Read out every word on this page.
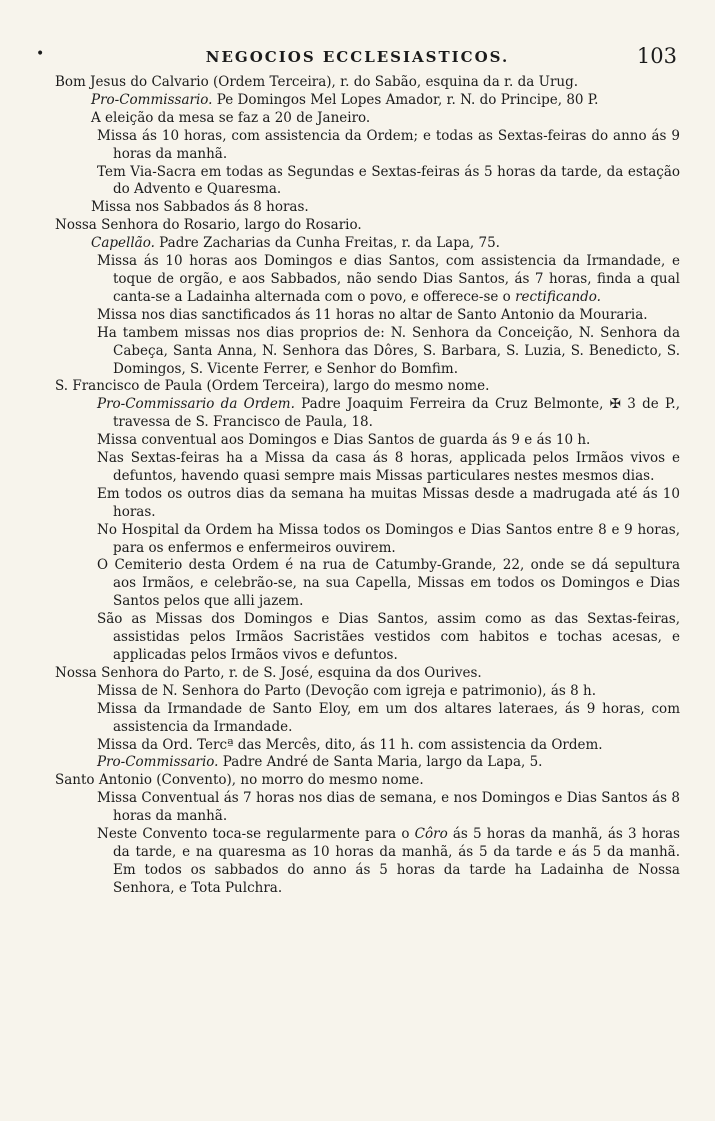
•	NEGOCIOS ECCLESIASTICOS.	103
Bom Jesus do Calvario (Ordem Terceira), r. do Sabão, esquina da r. da Urug.
Pro-Commissario. Pe Domingos Mel Lopes Amador, r. N. do Principe, 80 P.
A eleição da mesa se faz a 20 de Janeiro.
Missa ás 10 horas, com assistencia da Ordem; e todas as Sextas-feiras do anno ás 9 horas da manhã.
Tem Via-Sacra em todas as Segundas e Sextas-feiras ás 5 horas da tarde, da estação do Advento e Quaresma.
Missa nos Sabbados ás 8 horas.
Nossa Senhora do Rosario, largo do Rosario.
Capellão. Padre Zacharias da Cunha Freitas, r. da Lapa, 75.
Missa ás 10 horas aos Domingos e dias Santos, com assistencia da Irmandade, e toque de orgão, e aos Sabbados, não sendo Dias Santos, ás 7 horas, finda a qual canta-se a Ladainha alternada com o povo, e offerece-se o rectificando.
Missa nos dias sanctificados ás 11 horas no altar de Santo Antonio da Mouraria.
Ha tambem missas nos dias proprios de: N. Senhora da Conceição, N. Senhora da Cabeça, Santa Anna, N. Senhora das Dôres, S. Barbara, S. Luzia, S. Benedicto, S. Domingos, S. Vicente Ferrer, e Senhor do Bomfim.
S. Francisco de Paula (Ordem Terceira), largo do mesmo nome.
Pro-Commissario da Ordem. Padre Joaquim Ferreira da Cruz Belmonte, ✠ 3 de P., travessa de S. Francisco de Paula, 18.
Missa conventual aos Domingos e Dias Santos de guarda ás 9 e ás 10 h.
Nas Sextas-feiras ha a Missa da casa ás 8 horas, applicada pelos Irmãos vivos e defuntos, havendo quasi sempre mais Missas particulares nestes mesmos dias.
Em todos os outros dias da semana ha muitas Missas desde a madrugada até ás 10 horas.
No Hospital da Ordem ha Missa todos os Domingos e Dias Santos entre 8 e 9 horas, para os enfermos e enfermeiros ouvirem.
O Cemiterio desta Ordem é na rua de Catumby-Grande, 22, onde se dá sepultura aos Irmãos, e celebrão-se, na sua Capella, Missas em todos os Domingos e Dias Santos pelos que alli jazem.
São as Missas dos Domingos e Dias Santos, assim como as das Sextas-feiras, assistidas pelos Irmãos Sacristães vestidos com habitos e tochas acesas, e applicadas pelos Irmãos vivos e defuntos.
Nossa Senhora do Parto, r. de S. José, esquina da dos Ourives.
Missa de N. Senhora do Parto (Devoção com igreja e patrimonio), ás 8 h.
Missa da Irmandade de Santo Eloy, em um dos altares lateraes, ás 9 horas, com assistencia da Irmandade.
Missa da Ord. Tercª das Mercês, dito, ás 11 h. com assistencia da Ordem.
Pro-Commissario. Padre André de Santa Maria, largo da Lapa, 5.
Santo Antonio (Convento), no morro do mesmo nome.
Missa Conventual ás 7 horas nos dias de semana, e nos Domingos e Dias Santos ás 8 horas da manhã.
Neste Convento toca-se regularmente para o Côro ás 5 horas da manhã, ás 3 horas da tarde, e na quaresma as 10 horas da manhã, ás 5 da tarde e ás 5 da manhã. Em todos os sabbados do anno ás 5 horas da tarde ha Ladainha de Nossa Senhora, e Tota Pulchra.
